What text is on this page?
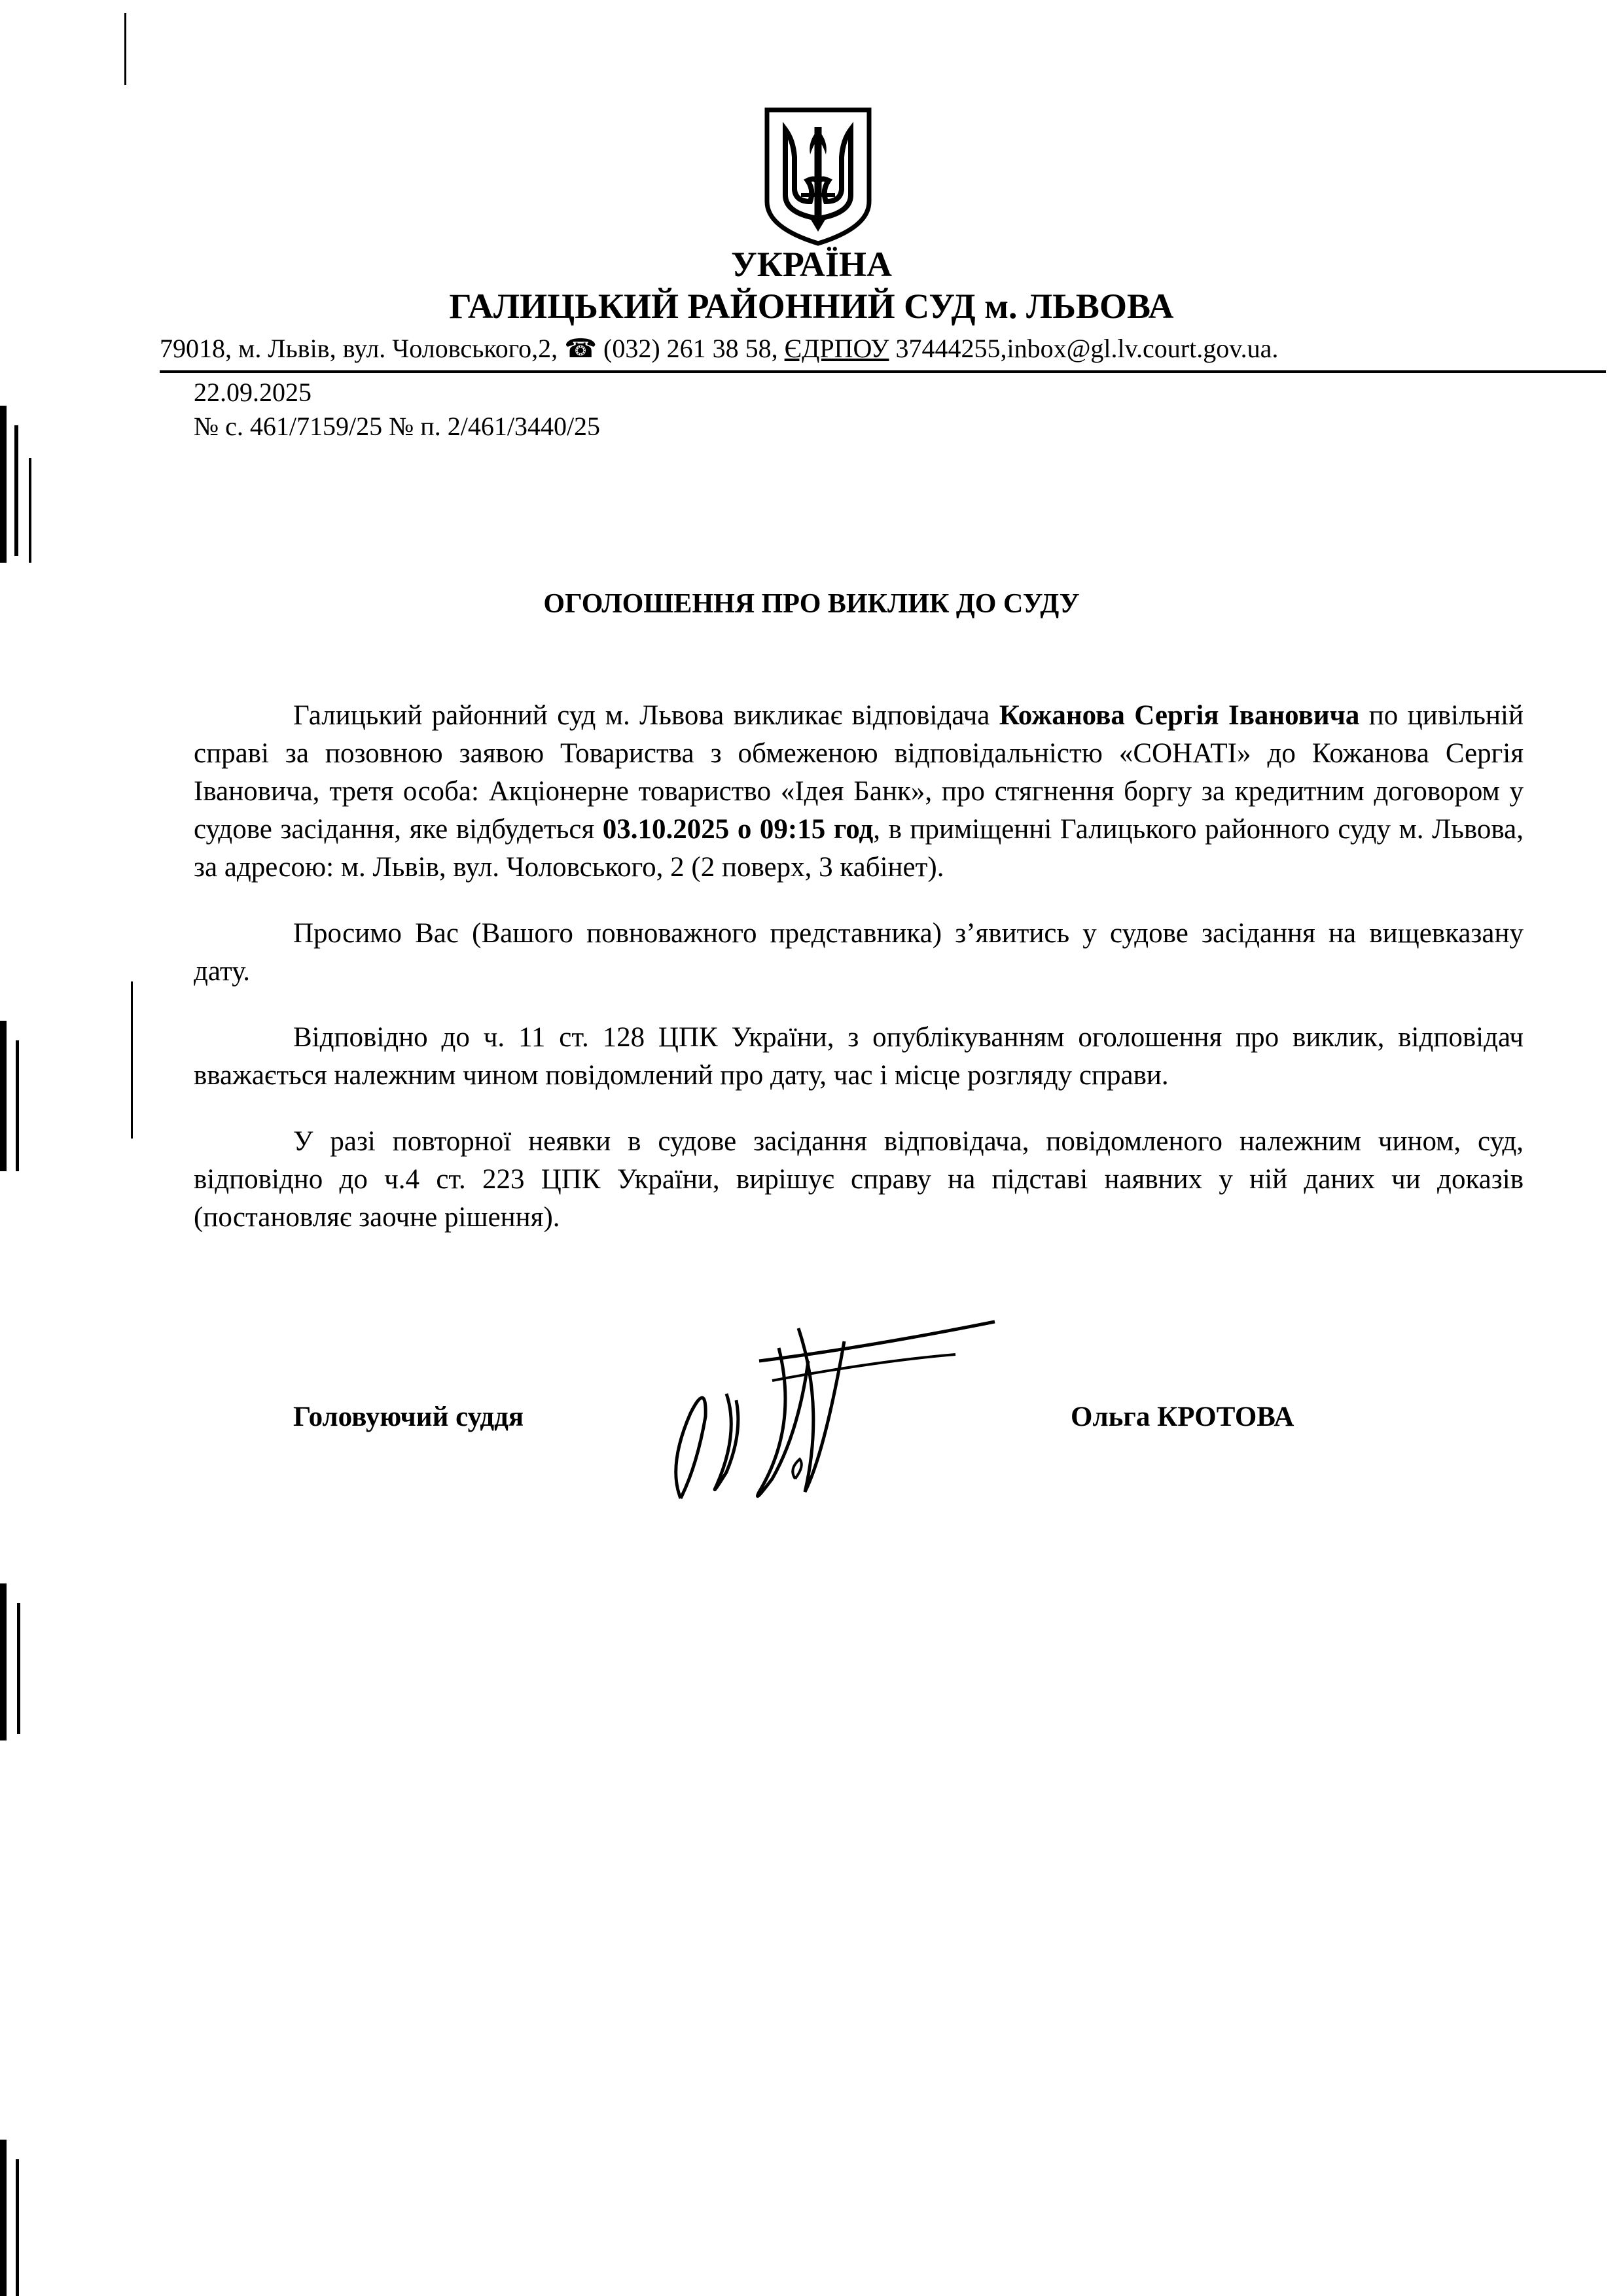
УКРАЇНА
ГАЛИЦЬКИЙ РАЙОННИЙ СУД м. ЛЬВОВА
79018, м. Львів, вул. Чоловського,2, ☎ (032) 261 38 58, ЄДРПОУ 37444255,inbox@gl.lv.court.gov.ua.
22.09.2025
№ с. 461/7159/25 № п. 2/461/3440/25
ОГОЛОШЕННЯ ПРО ВИКЛИК ДО СУДУ

Галицький районний суд м. Львова викликає відповідача Кожанова Сергія Івановича по цивільній справі за позовною заявою Товариства з обмеженою відповідальністю «СОНАТІ» до Кожанова Сергія Івановича, третя особа: Акціонерне товариство «Ідея Банк», про стягнення боргу за кредитним договором у судове засідання, яке відбудеться 03.10.2025 о 09:15 год, в приміщенні Галицького районного суду м. Львова, за адресою: м. Львів, вул. Чоловського, 2 (2 поверх, 3 кабінет).

Просимо Вас (Вашого повноважного представника) з’явитись у судове засідання на вищевказану дату.

Відповідно до ч. 11 ст. 128 ЦПК України, з опублікуванням оголошення про виклик, відповідач вважається належним чином повідомлений про дату, час і місце розгляду справи.

У разі повторної неявки в судове засідання відповідача, повідомленого належним чином, суд, відповідно до ч.4 ст. 223 ЦПК України, вирішує справу на підставі наявних у ній даних чи доказів (постановляє заочне рішення).

Головуючий суддя	Ольга КРОТОВА
